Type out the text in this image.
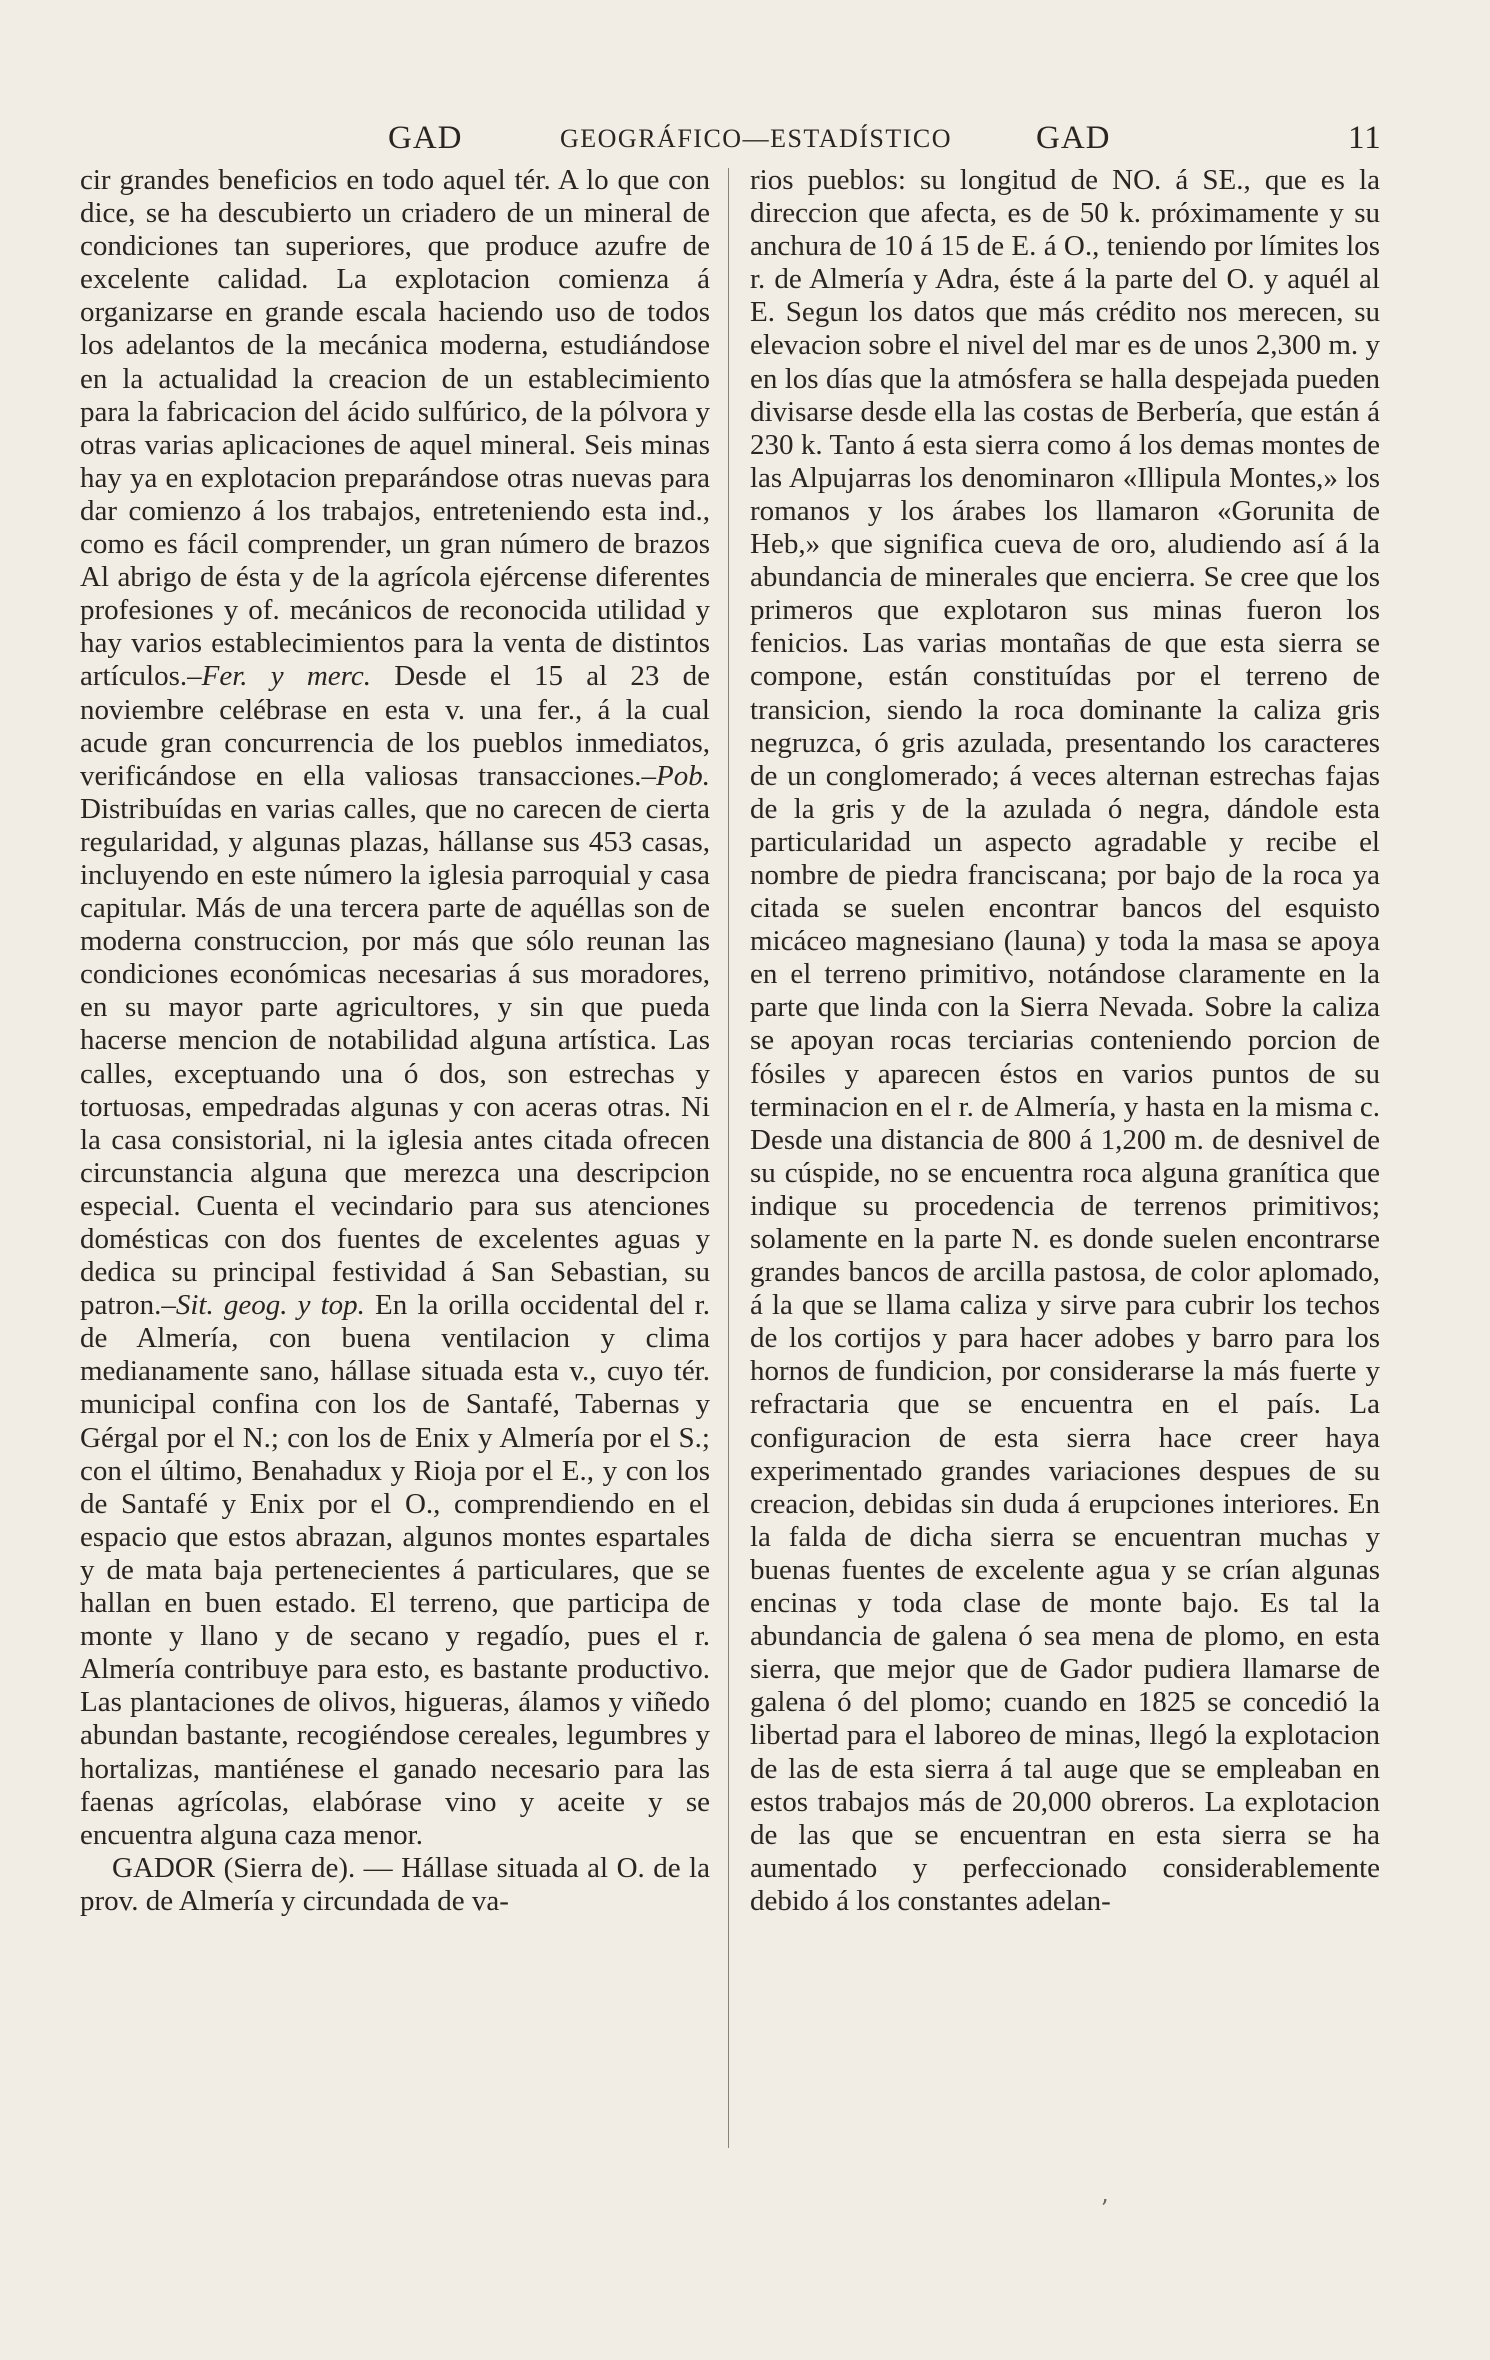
GAD	GEOGRÁFICO—ESTADÍSTICO	GAD	11

cir grandes beneficios en todo aquel tér. A lo que con dice, se ha descubierto un criadero de un mineral de condiciones tan superiores, que produce azufre de excelente calidad. La explotacion comienza á organizarse en grande escala haciendo uso de todos los adelantos de la mecánica moderna, estudiándose en la actualidad la creacion de un establecimiento para la fabricacion del ácido sulfúrico, de la pólvora y otras varias aplicaciones de aquel mineral. Seis minas hay ya en explotacion preparándose otras nuevas para dar comienzo á los trabajos, entreteniendo esta ind., como es fácil comprender, un gran número de brazos Al abrigo de ésta y de la agrícola ejércense diferentes profesiones y of. mecánicos de reconocida utilidad y hay varios establecimientos para la venta de distintos artículos.–Fer. y merc. Desde el 15 al 23 de noviembre celébrase en esta v. una fer., á la cual acude gran concurrencia de los pueblos inmediatos, verificándose en ella valiosas transacciones.–Pob. Distribuídas en varias calles, que no carecen de cierta regularidad, y algunas plazas, hállanse sus 453 casas, incluyendo en este número la iglesia parroquial y casa capitular. Más de una tercera parte de aquéllas son de moderna construccion, por más que sólo reunan las condiciones económicas necesarias á sus moradores, en su mayor parte agricultores, y sin que pueda hacerse mencion de notabilidad alguna artística. Las calles, exceptuando una ó dos, son estrechas y tortuosas, empedradas algunas y con aceras otras. Ni la casa consistorial, ni la iglesia antes citada ofrecen circunstancia alguna que merezca una descripcion especial. Cuenta el vecindario para sus atenciones domésticas con dos fuentes de excelentes aguas y dedica su principal festividad á San Sebastian, su patron.–Sit. geog. y top. En la orilla occidental del r. de Almería, con buena ventilacion y clima medianamente sano, hállase situada esta v., cuyo tér. municipal confina con los de Santafé, Tabernas y Gérgal por el N.; con los de Enix y Almería por el S.; con el último, Benahadux y Rioja por el E., y con los de Santafé y Enix por el O., comprendiendo en el espacio que estos abrazan, algunos montes espartales y de mata baja pertenecientes á particulares, que se hallan en buen estado. El terreno, que participa de monte y llano y de secano y regadío, pues el r. Almería contribuye para esto, es bastante productivo. Las plantaciones de olivos, higueras, álamos y viñedo abundan bastante, recogiéndose cereales, legumbres y hortalizas, mantiénese el ganado necesario para las faenas agrícolas, elabórase vino y aceite y se encuentra alguna caza menor.

GADOR (Sierra de). — Hállase situada al O. de la prov. de Almería y circundada de va-

rios pueblos: su longitud de NO. á SE., que es la direccion que afecta, es de 50 k. próximamente y su anchura de 10 á 15 de E. á O., teniendo por límites los r. de Almería y Adra, éste á la parte del O. y aquél al E. Segun los datos que más crédito nos merecen, su elevacion sobre el nivel del mar es de unos 2,300 m. y en los días que la atmósfera se halla despejada pueden divisarse desde ella las costas de Berbería, que están á 230 k. Tanto á esta sierra como á los demas montes de las Alpujarras los denominaron «Illipula Montes,» los romanos y los árabes los llamaron «Gorunita de Heb,» que significa cueva de oro, aludiendo así á la abundancia de minerales que encierra. Se cree que los primeros que explotaron sus minas fueron los fenicios. Las varias montañas de que esta sierra se compone, están constituídas por el terreno de transicion, siendo la roca dominante la caliza gris negruzca, ó gris azulada, presentando los caracteres de un conglomerado; á veces alternan estrechas fajas de la gris y de la azulada ó negra, dándole esta particularidad un aspecto agradable y recibe el nombre de piedra franciscana; por bajo de la roca ya citada se suelen encontrar bancos del esquisto micáceo magnesiano (launa) y toda la masa se apoya en el terreno primitivo, notándose claramente en la parte que linda con la Sierra Nevada. Sobre la caliza se apoyan rocas terciarias conteniendo porcion de fósiles y aparecen éstos en varios puntos de su terminacion en el r. de Almería, y hasta en la misma c. Desde una distancia de 800 á 1,200 m. de desnivel de su cúspide, no se encuentra roca alguna granítica que indique su procedencia de terrenos primitivos; solamente en la parte N. es donde suelen encontrarse grandes bancos de arcilla pastosa, de color aplomado, á la que se llama caliza y sirve para cubrir los techos de los cortijos y para hacer adobes y barro para los hornos de fundicion, por considerarse la más fuerte y refractaria que se encuentra en el país. La configuracion de esta sierra hace creer haya experimentado grandes variaciones despues de su creacion, debidas sin duda á erupciones interiores. En la falda de dicha sierra se encuentran muchas y buenas fuentes de excelente agua y se crían algunas encinas y toda clase de monte bajo. Es tal la abundancia de galena ó sea mena de plomo, en esta sierra, que mejor que de Gador pudiera llamarse de galena ó del plomo; cuando en 1825 se concedió la libertad para el laboreo de minas, llegó la explotacion de las de esta sierra á tal auge que se empleaban en estos trabajos más de 20,000 obreros. La explotacion de las que se encuentran en esta sierra se ha aumentado y perfeccionado considerablemente debido á los constantes adelan-

ʼ
